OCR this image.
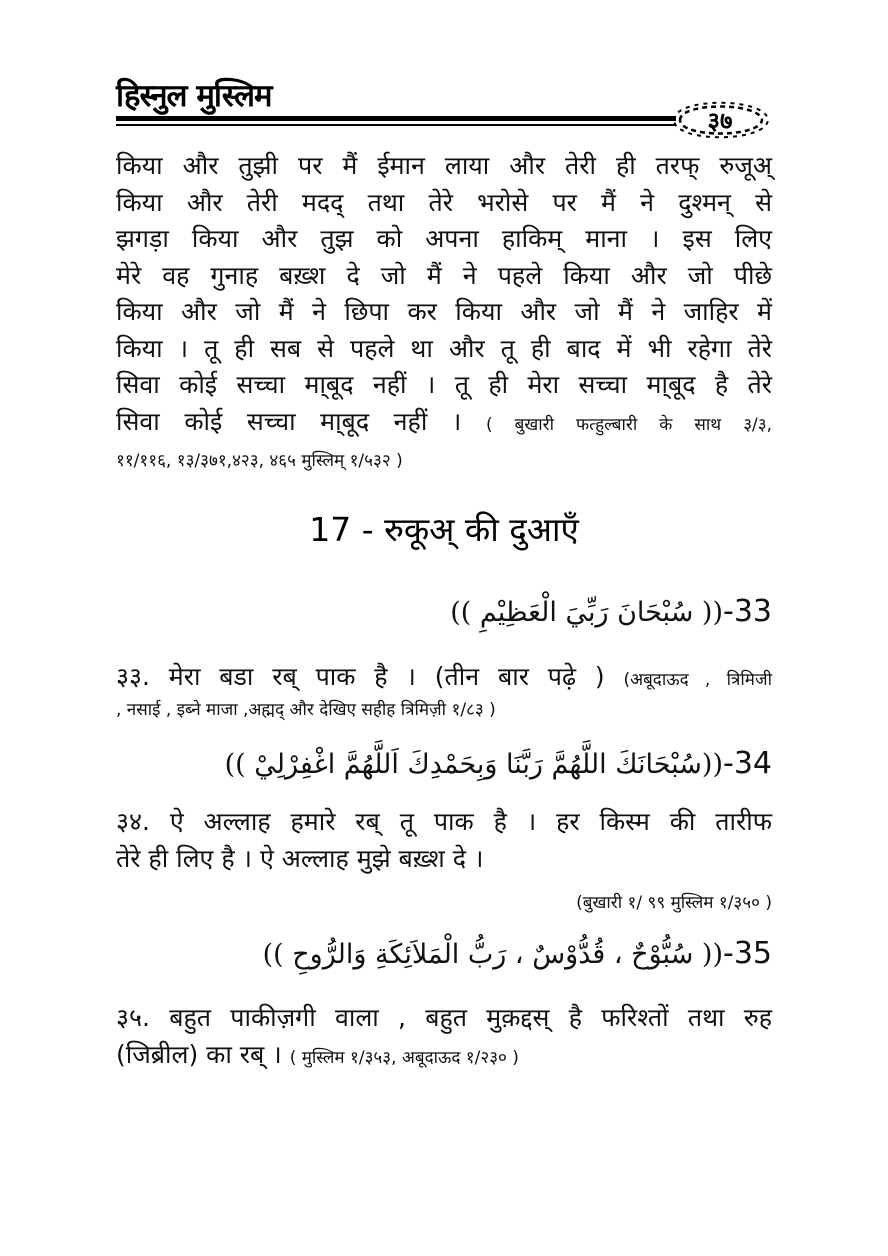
हिस्नुल मुस्लिम
३७
किया और तुझी पर मैं ईमान लाया और तेरी ही तरफ् रुजूअ्
किया और तेरी मदद् तथा तेरे भरोसे पर मैं ने दुश्मन् से
झगड़ा किया और तुझ को अपना हाकिम् माना । इस लिए
मेरे वह गुनाह बख़्श दे जो मैं ने पहले किया और जो पीछे
किया और जो मैं ने छिपा कर किया और जो मैं ने जाहिर में
किया । तू ही सब से पहले था और तू ही बाद में भी रहेगा तेरे
सिवा कोई सच्चा मा्बूद नहीं । तू ही मेरा सच्चा मा्बूद है तेरे
सिवा कोई सच्चा मा्बूद नहीं । ( बुखारी फत्हुल्बारी के साथ ३/३,
११/११६, १३/३७१,४२३, ४६५ मुस्लिम् १/५३२ )
17 - रुकूअ् की दुआएँ
33-(( سُبْحَانَ رَبِّيَ الْعَظِيْمِ ))
३३. मेरा बडा रब् पाक है । (तीन बार पढ़े ) (अबूदाऊद , त्रिमिजी
, नसाई , इब्ने माजा ,अह्मद् और देखिए सहीह त्रिमिज़ी १/८३ )
34-((سُبْحَانَكَ اللَّهُمَّ رَبَّنَا وَبِحَمْدِكَ اَللَّهُمَّ اغْفِرْلِيْ ))
३४. ऐ अल्लाह हमारे रब् तू पाक है । हर किस्म की तारीफ
तेरे ही लिए है । ऐ अल्लाह मुझे बख़्श दे ।
(बुखारी १/ ९९ मुस्लिम १/३५० )
35-(( سُبُّوْحٌ ، قُدُّوْسٌ ، رَبُّ الْمَلاَئِكَةِ وَالرُّوحِ ))
३५. बहुत पाकीज़गी वाला , बहुत मुक़द्दस् है फरिश्तों तथा रुह
(जिब्रील) का रब् । ( मुस्लिम १/३५३, अबूदाऊद १/२३० )
